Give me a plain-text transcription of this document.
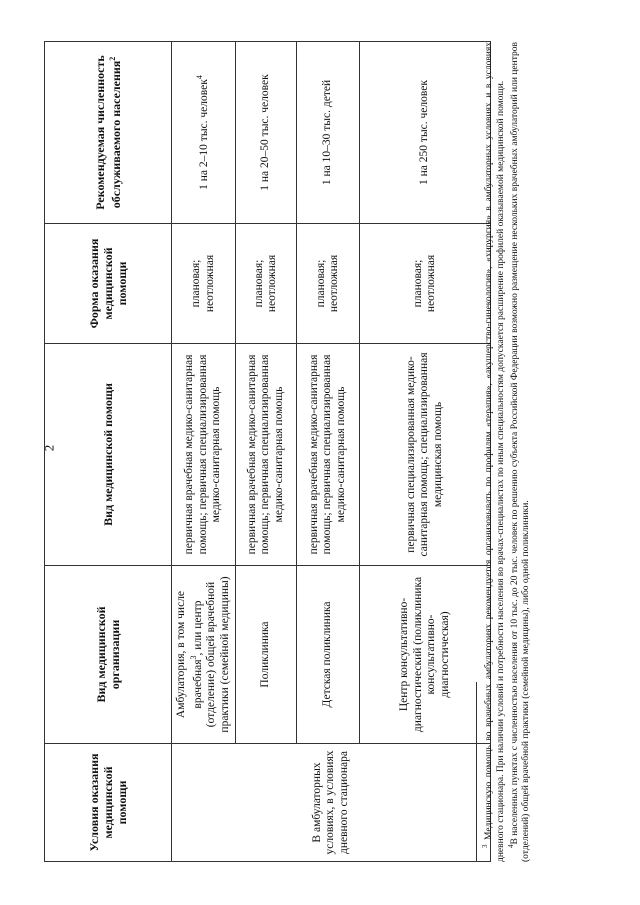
2
Условия оказания медицинской помощи	Вид медицинской организации	Вид медицинской помощи	Форма оказания медицинской помощи	Рекомендуемая численность обслуживаемого населения$^2$
В амбулаторных условиях, в условиях дневного стационара	Амбулатория, в том числе врачебная$^3$, или центр (отделение) общей врачебной практики (семейной медицины)	первичная врачебная медико-санитарная помощь; первичная специализированная медико-санитарная помощь	плановая; неотложная	1 на 2–10 тыс. человек$^4$
	Поликлиника	первичная врачебная медико-санитарная помощь; первичная специализированная медико-санитарная помощь	плановая; неотложная	1 на 20–50 тыс. человек
	Детская поликлиника	первичная врачебная медико-санитарная помощь; первичная специализированная медико-санитарная помощь	плановая; неотложная	1 на 10–30 тыс. детей
	Центр консультативно-диагностический (поликлиника консультативно-диагностическая)	первичная специализированная медико-санитарная помощь; специализированная медицинская помощь	плановая; неотложная	1 на 250 тыс. человек

$^3$ Медицинскую помощь во врачебных амбулаториях рекомендуется организовывать по профилям «терапия», «акушерство-гинекология», «хирургия» в амбулаторных условиях и в условиях дневного стационара. При наличии условий и потребности населения во врачах-специалистах по иным специальностям допускается расширение профилей оказываемой медицинской помощи. $^4$В населенных пунктах с численностью населения от 10 тыс. до 20 тыс. человек по решению субъекта Российской Федерации возможно размещение нескольких врачебных амбулаторий или центров (отделений) общей врачебной практики (семейной медицины), либо одной поликлиники.
